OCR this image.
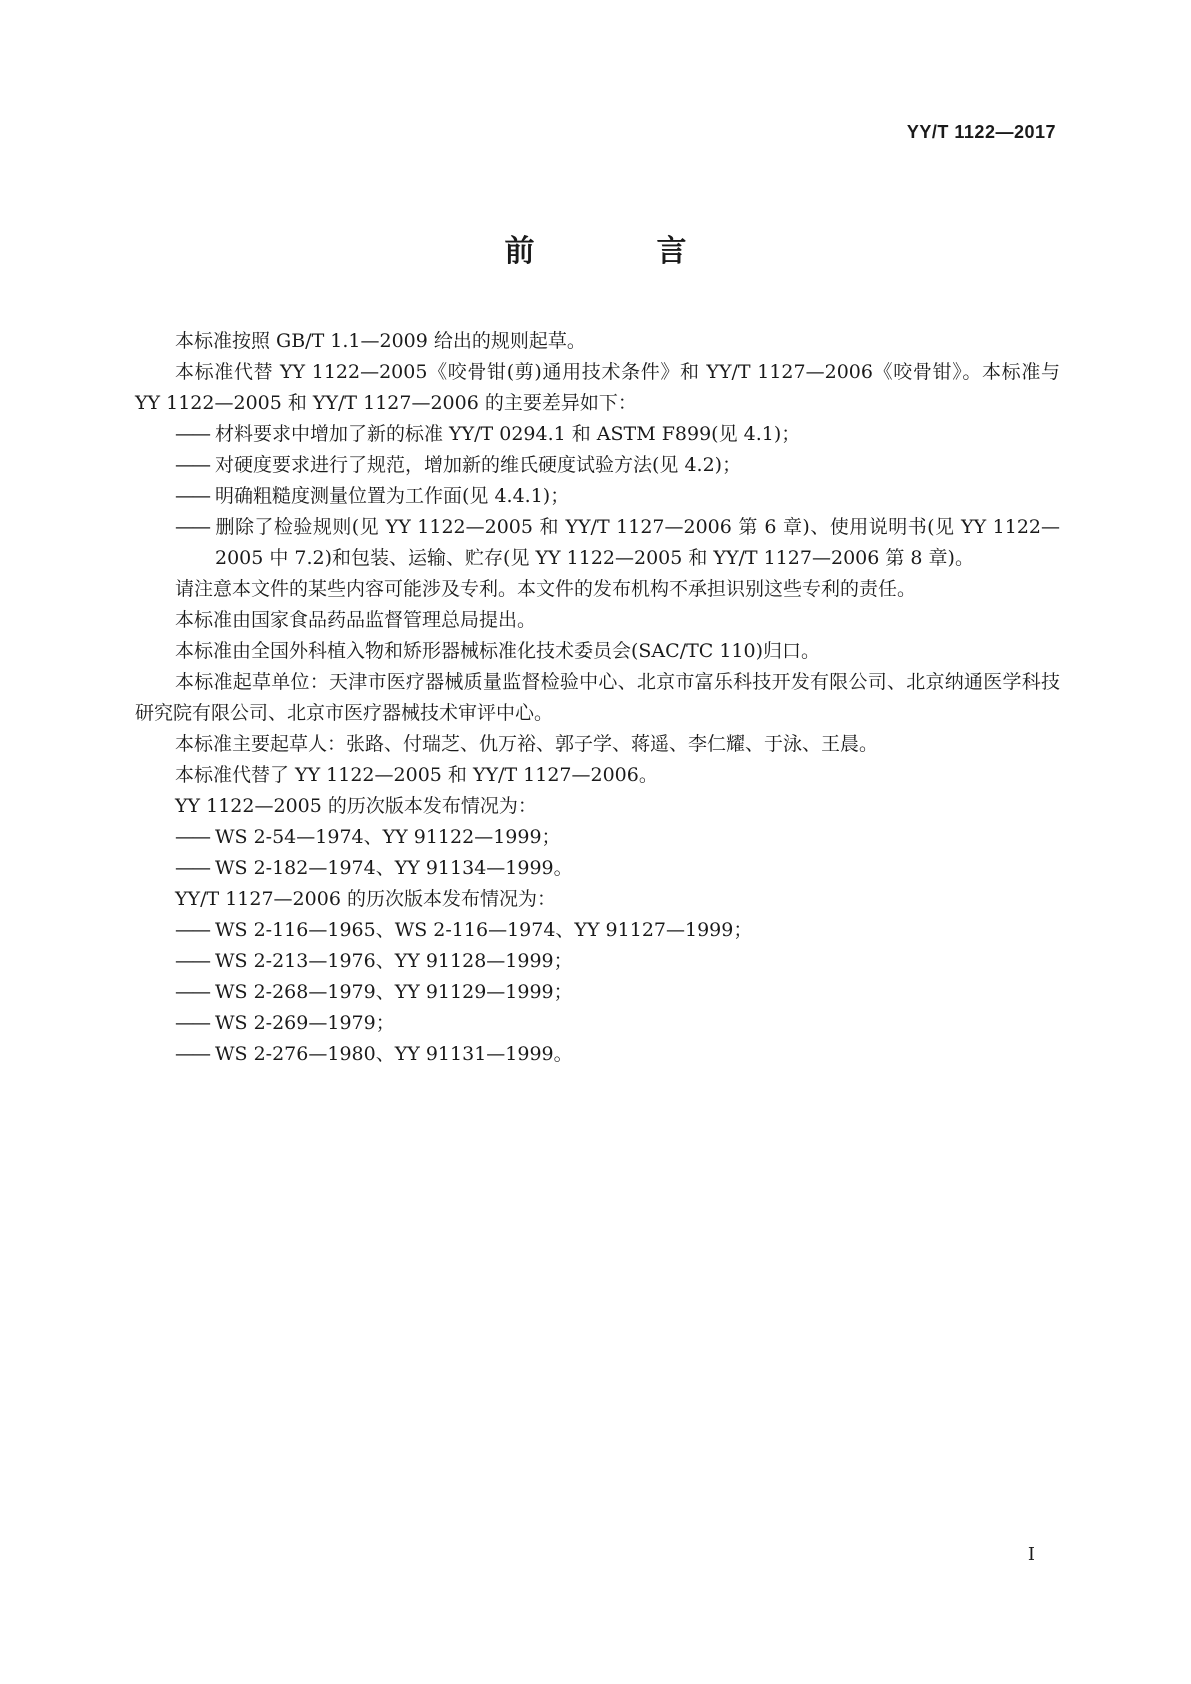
YY/T 1122—2017
前　言

本标准按照 GB/T 1.1—2009 给出的规则起草。

本标准代替 YY 1122—2005《咬骨钳(剪)通用技术条件》和 YY/T 1127—2006《咬骨钳》。本标准与 YY 1122—2005 和 YY/T 1127—2006 的主要差异如下：

—— 材料要求中增加了新的标准 YY/T 0294.1 和 ASTM F899(见 4.1)；

—— 对硬度要求进行了规范，增加新的维氏硬度试验方法(见 4.2)；

—— 明确粗糙度测量位置为工作面(见 4.4.1)；

—— 删除了检验规则(见 YY 1122—2005 和 YY/T 1127—2006 第 6 章)、使用说明书(见 YY 1122—2005 中 7.2)和包装、运输、贮存(见 YY 1122—2005 和 YY/T 1127—2006 第 8 章)。

请注意本文件的某些内容可能涉及专利。本文件的发布机构不承担识别这些专利的责任。

本标准由国家食品药品监督管理总局提出。

本标准由全国外科植入物和矫形器械标准化技术委员会(SAC/TC 110)归口。

本标准起草单位：天津市医疗器械质量监督检验中心、北京市富乐科技开发有限公司、北京纳通医学科技研究院有限公司、北京市医疗器械技术审评中心。

本标准主要起草人：张路、付瑞芝、仇万裕、郭子学、蒋遥、李仁耀、于泳、王晨。

本标准代替了 YY 1122—2005 和 YY/T 1127—2006。

YY 1122—2005 的历次版本发布情况为：

—— WS 2-54—1974、YY 91122—1999；

—— WS 2-182—1974、YY 91134—1999。

YY/T 1127—2006 的历次版本发布情况为：

—— WS 2-116—1965、WS 2-116—1974、YY 91127—1999；

—— WS 2-213—1976、YY 91128—1999；

—— WS 2-268—1979、YY 91129—1999；

—— WS 2-269—1979；

—— WS 2-276—1980、YY 91131—1999。

I
